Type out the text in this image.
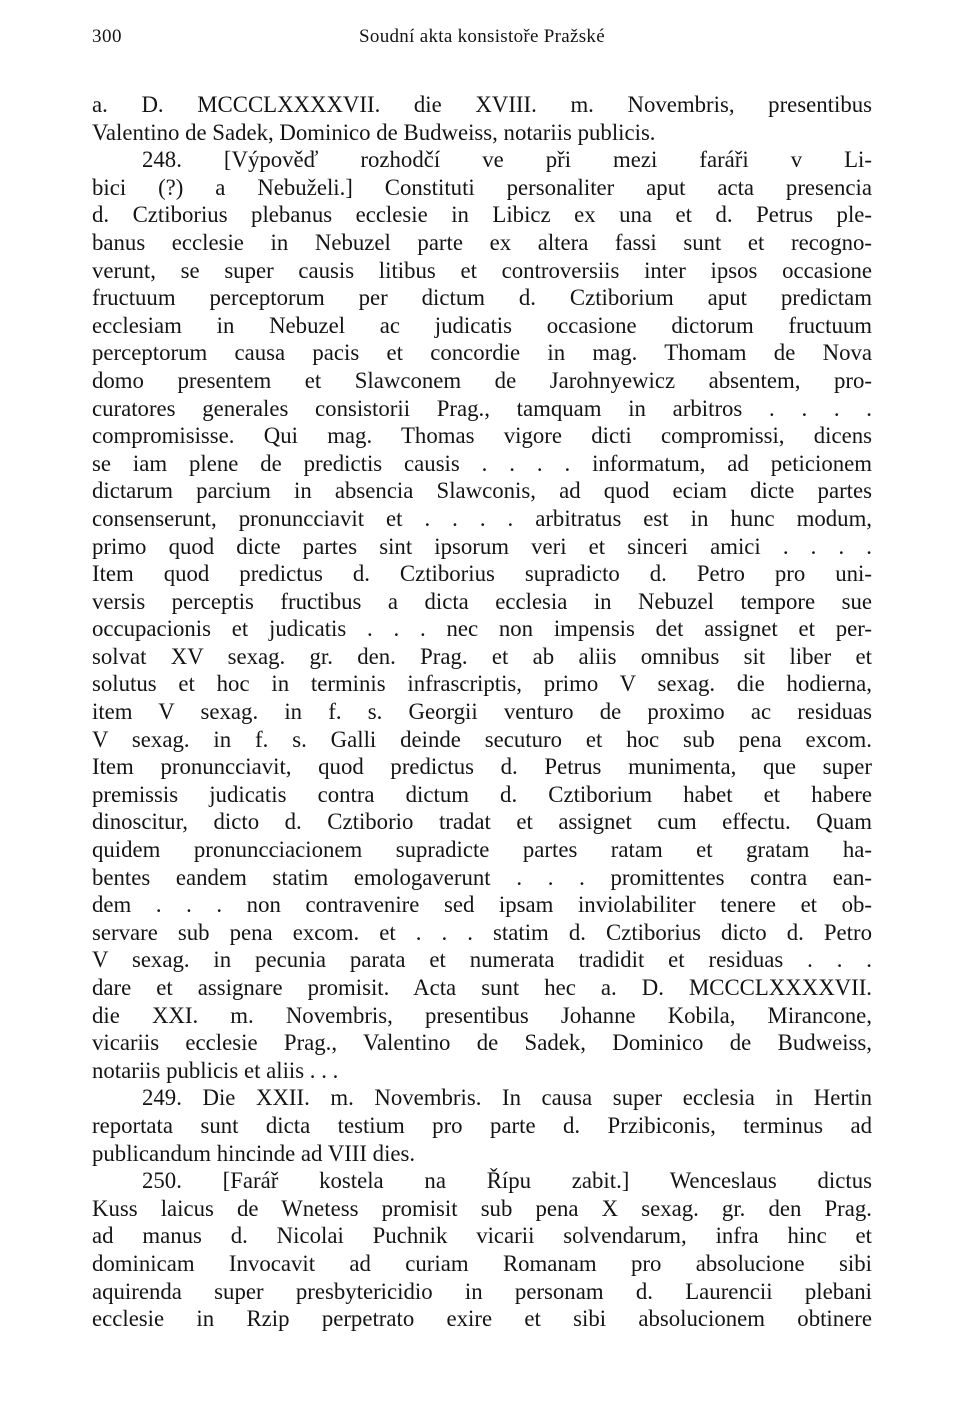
300	Soudní akta konsistoře Pražské
a. D. MCCCLXXXXVII. die XVIII. m. Novembris, presentibus
Valentino de Sadek, Dominico de Budweiss, notariis publicis.
248. [Výpověď rozhodčí ve při mezi faráři v Li-
bici (?) a Nebuželi.] Constituti personaliter aput acta presencia
d. Cztiborius plebanus ecclesie in Libicz ex una et d. Petrus ple-
banus ecclesie in Nebuzel parte ex altera fassi sunt et recogno-
verunt, se super causis litibus et controversiis inter ipsos occasione
fructuum perceptorum per dictum d. Cztiborium aput predictam
ecclesiam in Nebuzel ac judicatis occasione dictorum fructuum
perceptorum causa pacis et concordie in mag. Thomam de Nova
domo presentem et Slawconem de Jarohnyewicz absentem, pro-
curatores generales consistorii Prag., tamquam in arbitros . . . .
compromisisse. Qui mag. Thomas vigore dicti compromissi, dicens
se iam plene de predictis causis . . . . informatum, ad peticionem
dictarum parcium in absencia Slawconis, ad quod eciam dicte partes
consenserunt, pronuncciavit et . . . . arbitratus est in hunc modum,
primo quod dicte partes sint ipsorum veri et sinceri amici . . . .
Item quod predictus d. Cztiborius supradicto d. Petro pro uni-
versis perceptis fructibus a dicta ecclesia in Nebuzel tempore sue
occupacionis et judicatis . . . nec non impensis det assignet et per-
solvat XV sexag. gr. den. Prag. et ab aliis omnibus sit liber et
solutus et hoc in terminis infrascriptis, primo V sexag. die hodierna,
item V sexag. in f. s. Georgii venturo de proximo ac residuas
V sexag. in f. s. Galli deinde secuturo et hoc sub pena excom.
Item pronuncciavit, quod predictus d. Petrus munimenta, que super
premissis judicatis contra dictum d. Cztiborium habet et habere
dinoscitur, dicto d. Cztiborio tradat et assignet cum effectu. Quam
quidem pronuncciacionem supradicte partes ratam et gratam ha-
bentes eandem statim emologaverunt . . . promittentes contra ean-
dem . . . non contravenire sed ipsam inviolabiliter tenere et ob-
servare sub pena excom. et . . . statim d. Cztiborius dicto d. Petro
V sexag. in pecunia parata et numerata tradidit et residuas . . .
dare et assignare promisit. Acta sunt hec a. D. MCCCLXXXXVII.
die XXI. m. Novembris, presentibus Johanne Kobila, Mirancone,
vicariis ecclesie Prag., Valentino de Sadek, Dominico de Budweiss,
notariis publicis et aliis . . .
249. Die XXII. m. Novembris. In causa super ecclesia in Hertin
reportata sunt dicta testium pro parte d. Przibiconis, terminus ad
publicandum hincinde ad VIII dies.
250. [Farář kostela na Řípu zabit.] Wenceslaus dictus
Kuss laicus de Wnetess promisit sub pena X sexag. gr. den Prag.
ad manus d. Nicolai Puchnik vicarii solvendarum, infra hinc et
dominicam Invocavit ad curiam Romanam pro absolucione sibi
aquirenda super presbytericidio in personam d. Laurencii plebani
ecclesie in Rzip perpetrato exire et sibi absolucionem obtinere
